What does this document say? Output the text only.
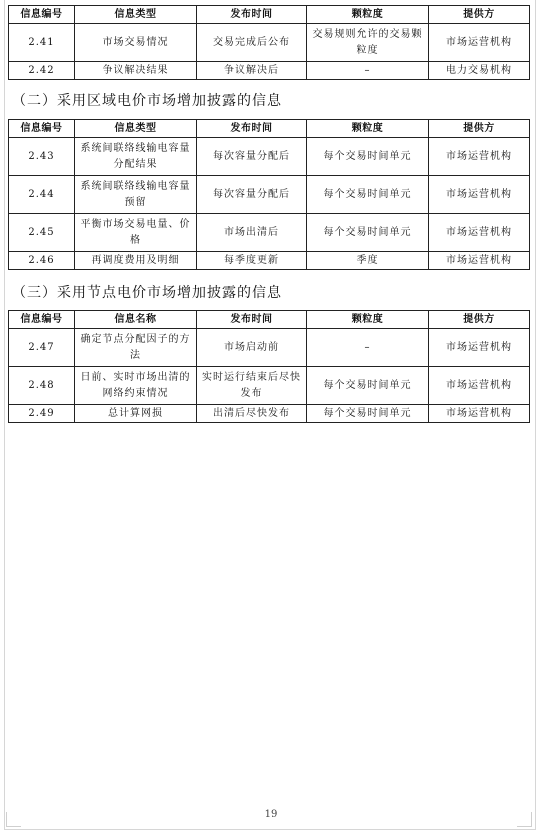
信息编号	信息类型	发布时间	颗粒度	提供方
2.41	市场交易情况	交易完成后公布	交易规则允许的交易颗粒度	市场运营机构
2.42	争议解决结果	争议解决后	–	电力交易机构
（二）采用区域电价市场增加披露的信息
信息编号	信息类型	发布时间	颗粒度	提供方
2.43	系统间联络线输电容量分配结果	每次容量分配后	每个交易时间单元	市场运营机构
2.44	系统间联络线输电容量预留	每次容量分配后	每个交易时间单元	市场运营机构
2.45	平衡市场交易电量、价格	市场出清后	每个交易时间单元	市场运营机构
2.46	再调度费用及明细	每季度更新	季度	市场运营机构
（三）采用节点电价市场增加披露的信息
信息编号	信息名称	发布时间	颗粒度	提供方
2.47	确定节点分配因子的方法	市场启动前	–	市场运营机构
2.48	日前、实时市场出清的网络约束情况	实时运行结束后尽快发布	每个交易时间单元	市场运营机构
2.49	总计算网损	出清后尽快发布	每个交易时间单元	市场运营机构
19
